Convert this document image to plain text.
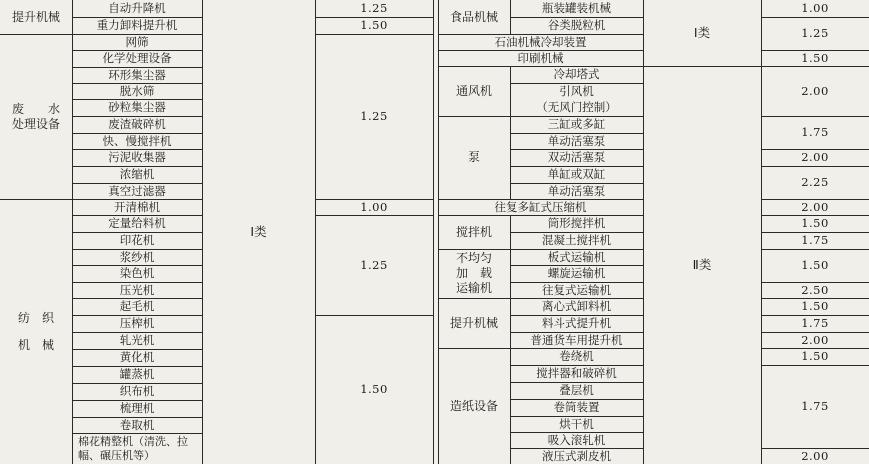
提升机械
废　　水
处理设备
纺　织
机　械
自动升降机
重力卸料提升机
网筛
化学处理设备
环形集尘器
脱水筛
砂粒集尘器
废渣破碎机
快、慢搅拌机
污泥收集器
浓缩机
真空过滤器
开清棉机
定量给料机
印花机
浆纱机
染色机
压光机
起毛机
压榨机
轧光机
黄化机
罐蒸机
织布机
梳理机
卷取机
棉花精整机（清洗、拉幅、碾压机等）
Ⅰ类
1.25
1.50
1.25
1.00
1.25
1.50
食品机械
通风机
泵
搅拌机
不均匀
加　载
运输机
提升机械
造纸设备
瓶装罐装机械
谷类脱粒机
石油机械冷却装置
印刷机械
冷却塔式
引风机
（无风门控制）
三缸或多缸
单动活塞泵
双动活塞泵
单缸或双缸
单动活塞泵
往复多缸式压缩机
筒形搅拌机
混凝土搅拌机
板式运输机
螺旋运输机
往复式运输机
离心式卸料机
料斗式提升机
普通货车用提升机
卷绕机
搅拌器和破碎机
叠层机
卷筒装置
烘干机
吸入滚轧机
液压式剥皮机
Ⅰ类
Ⅱ类
1.00
1.25
1.50
2.00
1.75
2.00
2.25
2.00
1.50
1.75
1.50
2.50
1.50
1.75
2.00
1.50
1.75
2.00
